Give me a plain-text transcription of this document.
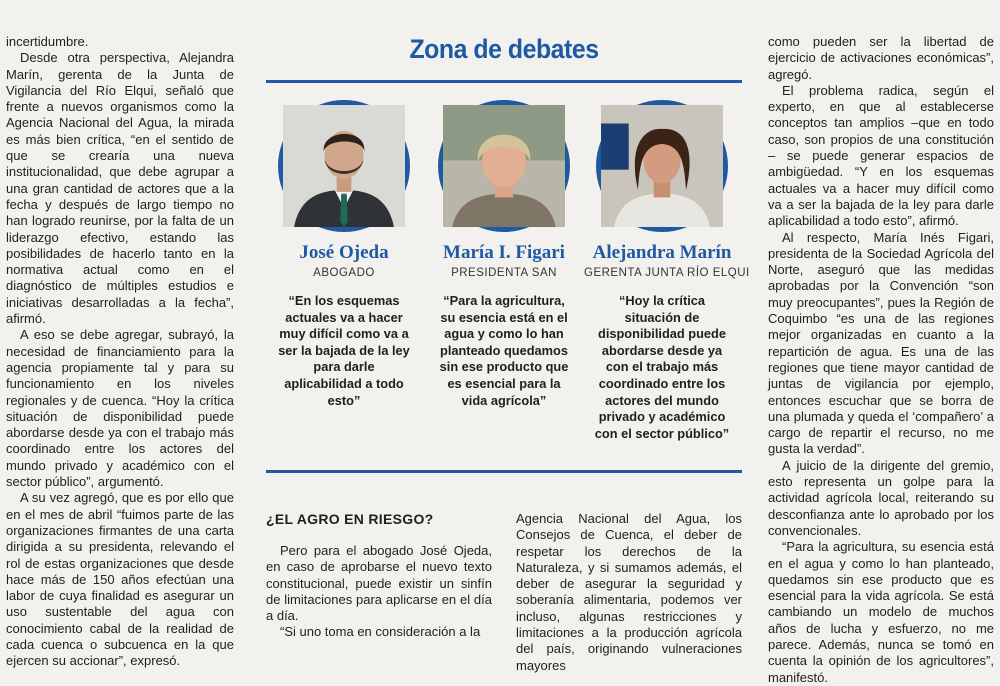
incertidumbre.

Desde otra perspectiva, Alejandra Marín, gerenta de la Junta de Vigilancia del Río Elqui, señaló que frente a nuevos organismos como la Agencia Nacional del Agua, la mirada es más bien crítica, “en el sentido de que se crearía una nueva institucionalidad, que debe agrupar a una gran cantidad de actores que a la fecha y después de largo tiempo no han logrado reunirse, por la falta de un liderazgo efectivo, estando las posibilidades de hacerlo tanto en la normativa actual como en el diagnóstico de múltiples estudios e iniciativas desarrolladas a la fecha”, afirmó.

A eso se debe agregar, subrayó, la necesidad de financiamiento para la agencia propiamente tal y para su funcionamiento en los niveles regionales y de cuenca. “Hoy la crítica situación de disponibilidad puede abordarse desde ya con el trabajo más coordinado entre los actores del mundo privado y académico con el sector público”, argumentó.

A su vez agregó, que es por ello que en el mes de abril “fuimos parte de las organizaciones firmantes de una carta dirigida a su presidenta, relevando el rol de estas organizaciones que desde hace más de 150 años efectúan una labor de cuya finalidad es asegurar un uso sustentable del agua con conocimiento cabal de la realidad de cada cuenca o subcuenca en la que ejercen su accionar”, expresó.

Zona de debates
José Ojeda
ABOGADO
“En los esquemas actuales va a hacer muy difícil como va a ser la bajada de la ley para darle aplicabilidad a todo esto”
María I. Figari
PRESIDENTA SAN
“Para la agricultura, su esencia está en el agua y como lo han planteado quedamos sin ese producto que es esencial para la vida agrícola”
Alejandra Marín
GERENTA JUNTA RÍO ELQUI
“Hoy la crítica situación de disponibilidad puede abordarse desde ya con el trabajo más coordinado entre los actores del mundo privado y académico con el sector público”
¿EL AGRO EN RIESGO?

Pero para el abogado José Ojeda, en caso de aprobarse el nuevo texto constitucional, puede existir un sinfín de limitaciones para aplicarse en el día a día.

“Si uno toma en consideración a la

Agencia Nacional del Agua, los Consejos de Cuenca, el deber de respetar los derechos de la Naturaleza, y si sumamos además, el deber de asegurar la seguridad y soberanía alimentaria, podemos ver incluso, algunas restricciones y limitaciones a la producción agrícola del país, originando vulneraciones mayores

como pueden ser la libertad de ejercicio de activaciones económicas”, agregó.

El problema radica, según el experto, en que al establecerse conceptos tan amplios –que en todo caso, son propios de una constitución – se puede generar espacios de ambigüedad. “Y en los esquemas actuales va a hacer muy difícil como va a ser la bajada de la ley para darle aplicabilidad a todo esto”, afirmó.

Al respecto, María Inés Figari, presidenta de la Sociedad Agrícola del Norte, aseguró que las medidas aprobadas por la Convención “son muy preocupantes”, pues la Región de Coquimbo “es una de las regiones mejor organizadas en cuanto a la repartición de agua. Es una de las regiones que tiene mayor cantidad de juntas de vigilancia por ejemplo, entonces escuchar que se borra de una plumada y queda el ‘compañero’ a cargo de repartir el recurso, no me gusta la verdad”.

A juicio de la dirigente del gremio, esto representa un golpe para la actividad agrícola local, reiterando su desconfianza ante lo aprobado por los convencionales.

“Para la agricultura, su esencia está en el agua y como lo han planteado, quedamos sin ese producto que es esencial para la vida agrícola. Se está cambiando un modelo de muchos años de lucha y esfuerzo, no me parece. Además, nunca se tomó en cuenta la opinión de los agricultores”, manifestó.
